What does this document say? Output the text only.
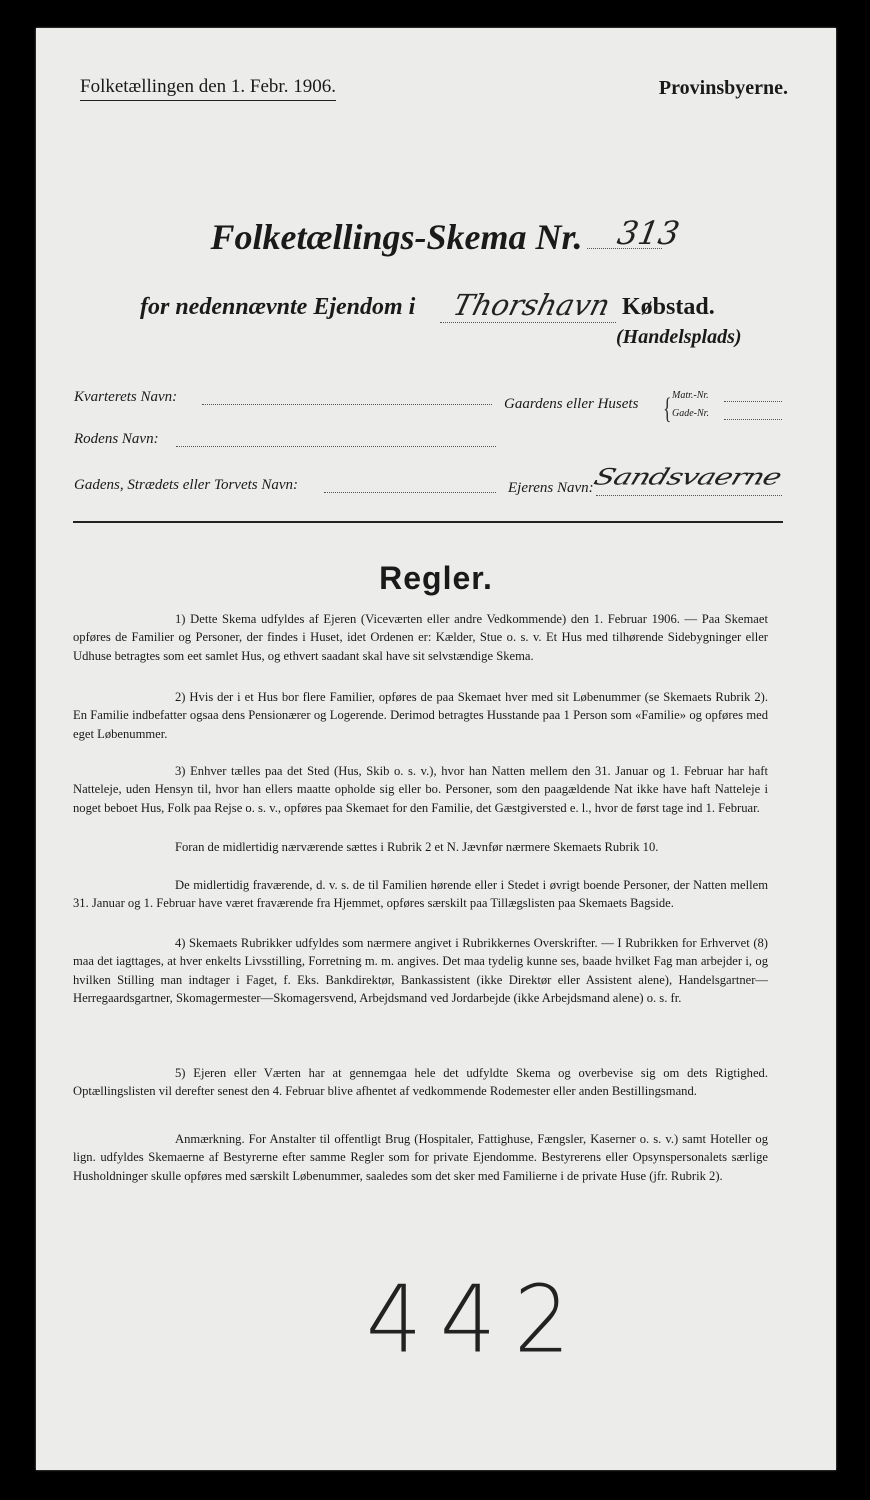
Folketællingen den 1. Febr. 1906.	Provinsbyerne.
Folketællings-Skema Nr.	313
for nedennævnte Ejendom i Thorshavn Købstad.
(Handelsplads)
Kvarterets Navn:	Gaardens eller Husets { Matr.-Nr.
Gade-Nr.
Rodens Navn:
Gadens, Strædets eller Torvets Navn:	Ejerens Navn:
Sandsvaerne
Regler.
1) Dette Skema udfyldes af Ejeren (Viceværten eller andre Vedkommende) den 1. Februar 1906. — Paa Skemaet opføres de Familier og Personer, der findes i Huset, idet Ordenen er: Kælder, Stue o. s. v. Et Hus med tilhørende Sidebygninger eller Udhuse betragtes som eet samlet Hus, og ethvert saadant skal have sit selvstændige Skema.
2) Hvis der i et Hus bor flere Familier, opføres de paa Skemaet hver med sit Løbenummer (se Skemaets Rubrik 2). En Familie indbefatter ogsaa dens Pensionærer og Logerende. Derimod betragtes Husstande paa 1 Person som «Familie» og opføres med eget Løbenummer.
3) Enhver tælles paa det Sted (Hus, Skib o. s. v.), hvor han Natten mellem den 31. Januar og 1. Februar har haft Natteleje, uden Hensyn til, hvor han ellers maatte opholde sig eller bo. Personer, som den paagældende Nat ikke have haft Natteleje i noget beboet Hus, Folk paa Rejse o. s. v., opføres paa Skemaet for den Familie, det Gæstgiversted e. l., hvor de først tage ind 1. Februar.
Foran de midlertidig nærværende sættes i Rubrik 2 et N. Jævnfør nærmere Skemaets Rubrik 10.
De midlertidig fraværende, d. v. s. de til Familien hørende eller i Stedet i øvrigt boende Personer, der Natten mellem 31. Januar og 1. Februar have været fraværende fra Hjemmet, opføres særskilt paa Tillægslisten paa Skemaets Bagside.
4) Skemaets Rubrikker udfyldes som nærmere angivet i Rubrikkernes Overskrifter. — I Rubrikken for Erhvervet (8) maa det iagttages, at hver enkelts Livsstilling, Forretning m. m. angives. Det maa tydelig kunne ses, baade hvilket Fag man arbejder i, og hvilken Stilling man indtager i Faget, f. Eks. Bankdirektør, Bankassistent (ikke Direktør eller Assistent alene), Handelsgartner—Herregaardsgartner, Skomagermester—Skomagersvend, Arbejdsmand ved Jordarbejde (ikke Arbejdsmand alene) o. s. fr.
5) Ejeren eller Værten har at gennemgaa hele det udfyldte Skema og overbevise sig om dets Rigtighed. Optællingslisten vil derefter senest den 4. Februar blive afhentet af vedkommende Rodemester eller anden Bestillingsmand.
Anmærkning. For Anstalter til offentligt Brug (Hospitaler, Fattighuse, Fængsler, Kaserner o. s. v.) samt Hoteller og lign. udfyldes Skemaerne af Bestyrerne efter samme Regler som for private Ejendomme. Bestyrerens eller Opsynspersonalets særlige Husholdninger skulle opføres med særskilt Løbenummer, saaledes som det sker med Familierne i de private Huse (jfr. Rubrik 2).
442
